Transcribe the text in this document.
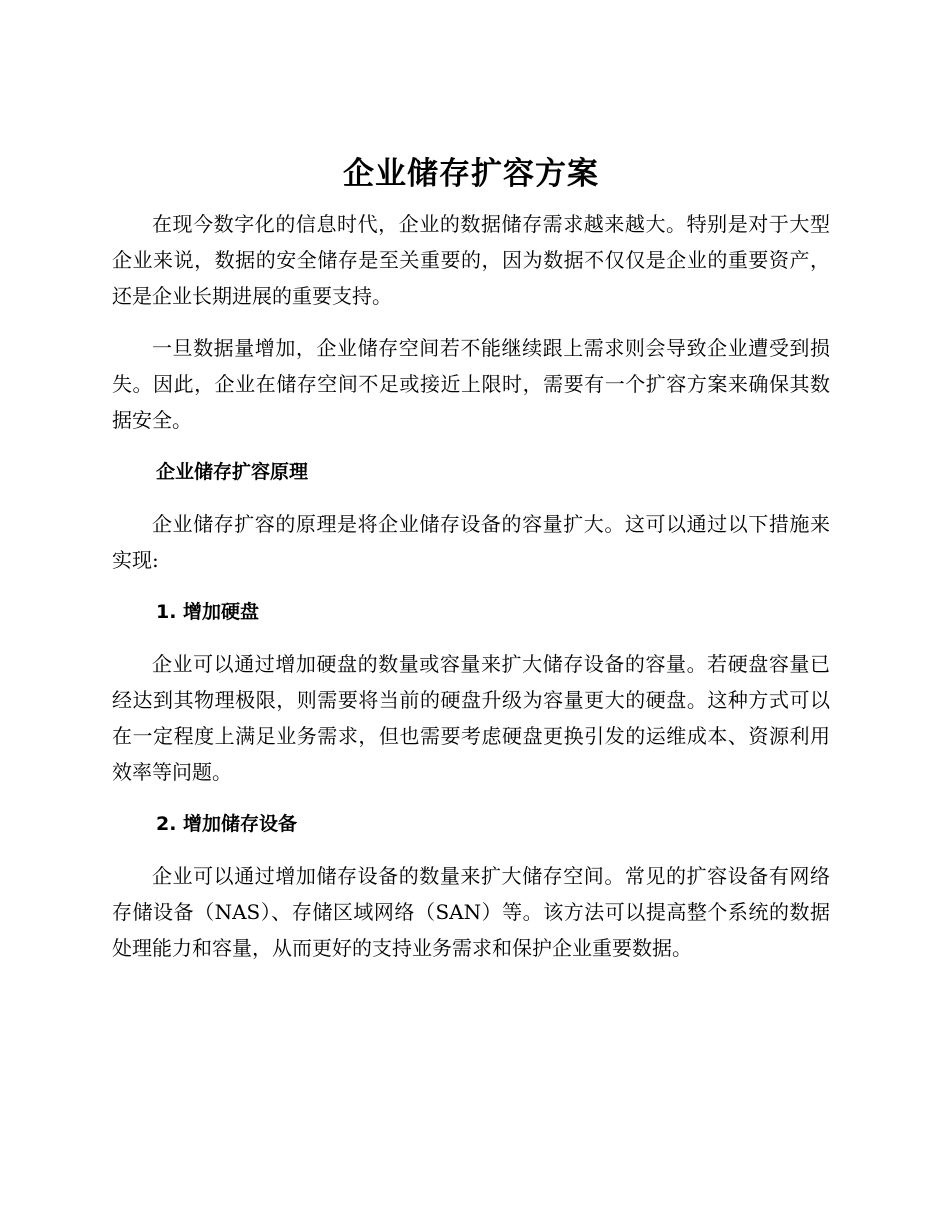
企业储存扩容方案

在现今数字化的信息时代，企业的数据储存需求越来越大。特别是对于大型企业来说，数据的安全储存是至关重要的，因为数据不仅仅是企业的重要资产，还是企业长期进展的重要支持。

一旦数据量增加，企业储存空间若不能继续跟上需求则会导致企业遭受到损失。因此，企业在储存空间不足或接近上限时，需要有一个扩容方案来确保其数据安全。

企业储存扩容原理

企业储存扩容的原理是将企业储存设备的容量扩大。这可以通过以下措施来实现:

1. 增加硬盘

企业可以通过增加硬盘的数量或容量来扩大储存设备的容量。若硬盘容量已经达到其物理极限，则需要将当前的硬盘升级为容量更大的硬盘。这种方式可以在一定程度上满足业务需求，但也需要考虑硬盘更换引发的运维成本、资源利用效率等问题。

2. 增加储存设备

企业可以通过增加储存设备的数量来扩大储存空间。常见的扩容设备有网络存储设备（NAS）、存储区域网络（SAN）等。该方法可以提高整个系统的数据处理能力和容量，从而更好的支持业务需求和保护企业重要数据。
